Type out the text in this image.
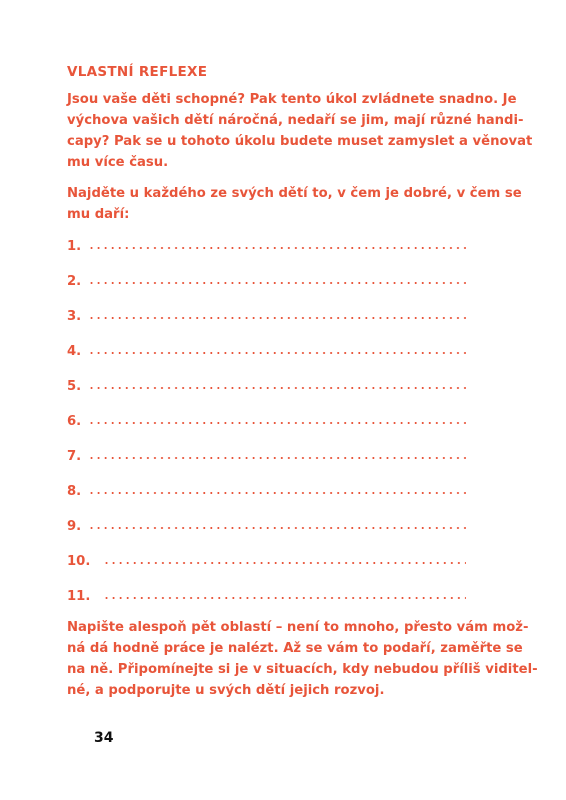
VLASTNÍ REFLEXE
Jsou vaše děti schopné? Pak tento úkol zvládnete snadno. Je
výchova vašich dětí náročná, nedaří se jim, mají různé handi-
capy? Pak se u tohoto úkolu budete muset zamyslet a věnovat
mu více času.
Najděte u každého ze svých dětí to, v čem je dobré, v čem se
mu daří:
1.
2.
3.
4.
5.
6.
7.
8.
9.
10.
11.
Napište alespoň pět oblastí – není to mnoho, přesto vám mož-
ná dá hodně práce je nalézt. Až se vám to podaří, zaměřte se
na ně. Připomínejte si je v situacích, kdy nebudou příliš viditel-
né, a podporujte u svých dětí jejich rozvoj.
34
